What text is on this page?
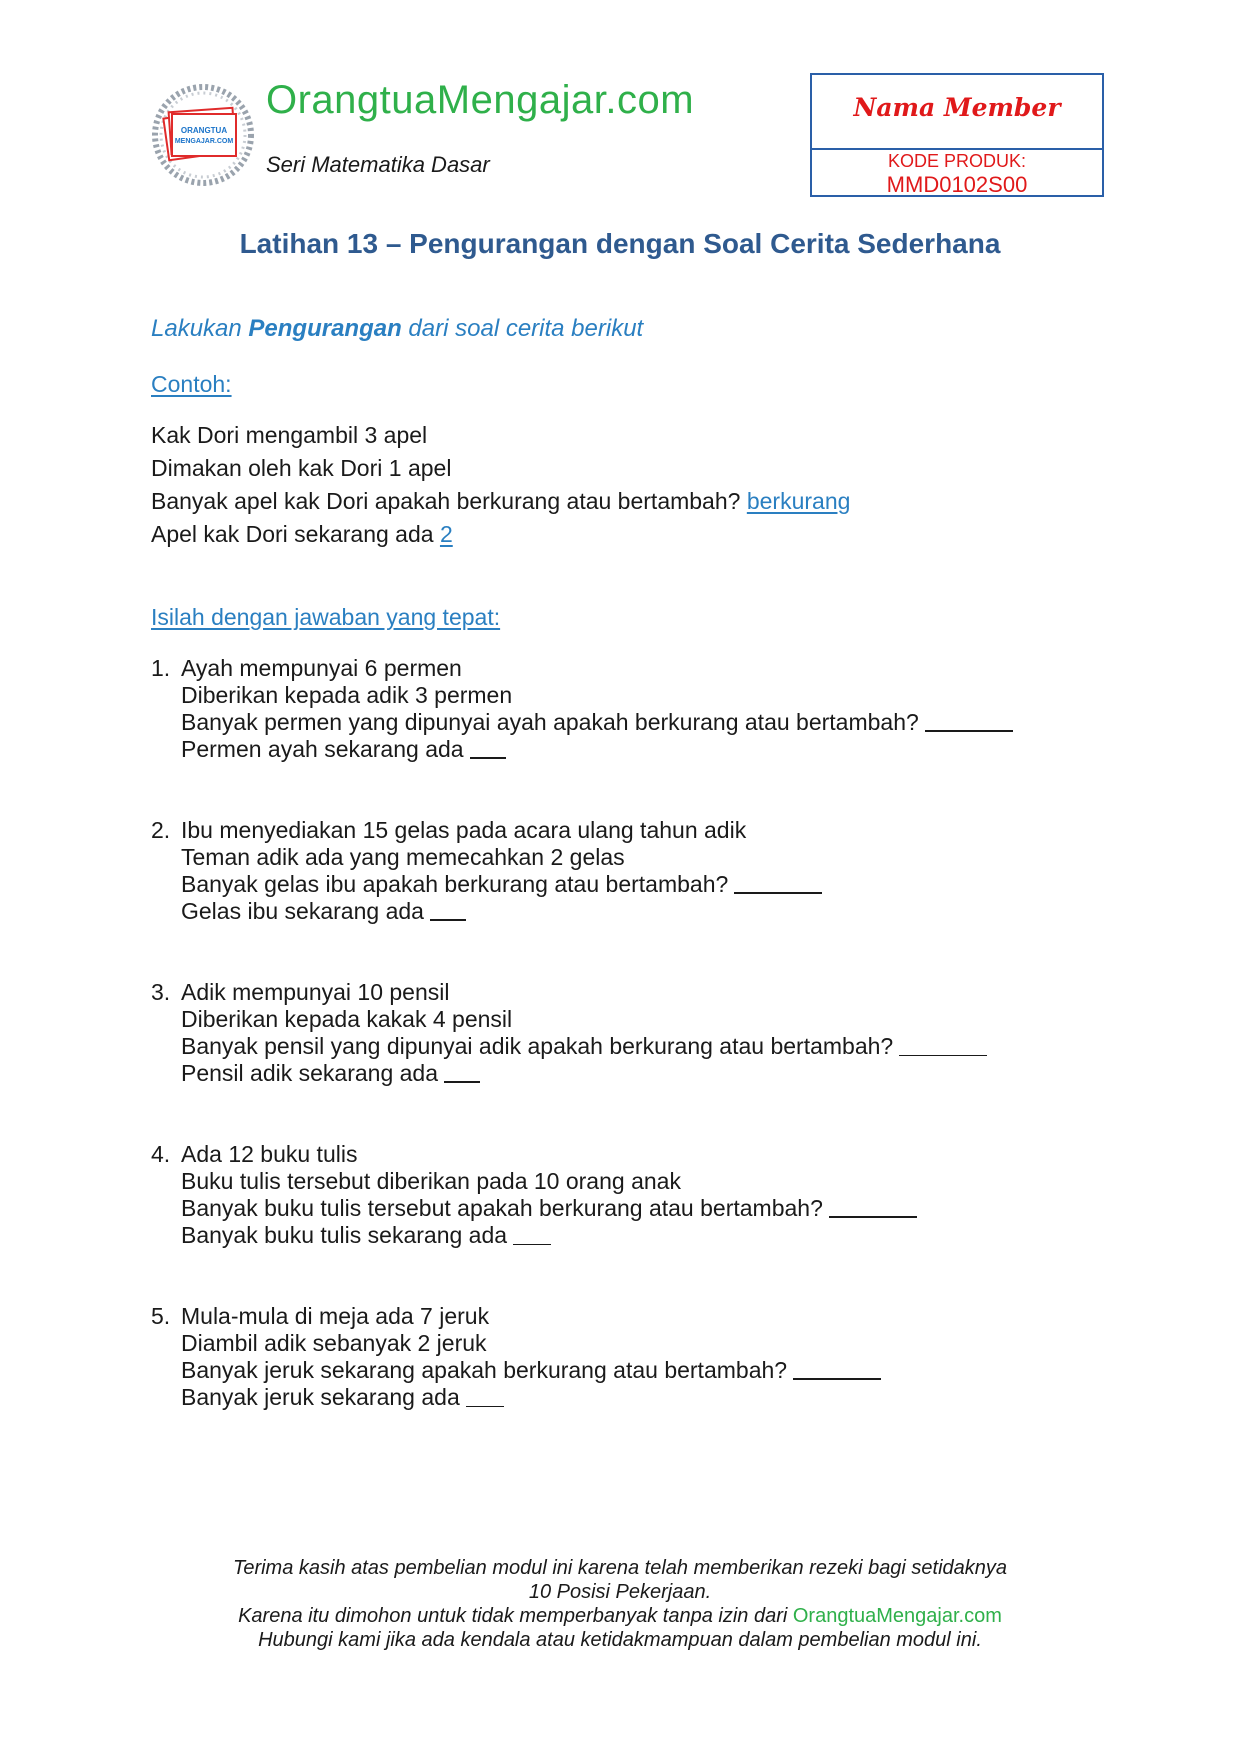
ORANGTUA
MENGAJAR.COM
OrangtuaMengajar.com
Seri Matematika Dasar
Nama Member
KODE PRODUK:
MMD0102S00
Latihan 13 – Pengurangan dengan Soal Cerita Sederhana
Lakukan Pengurangan dari soal cerita berikut
Contoh:
Kak Dori mengambil 3 apel
Dimakan oleh kak Dori 1 apel
Banyak apel kak Dori apakah berkurang atau bertambah? berkurang
Apel kak Dori sekarang ada 2
Isilah dengan jawaban yang tepat:
1. Ayah mempunyai 6 permen
Diberikan kepada adik 3 permen
Banyak permen yang dipunyai ayah apakah berkurang atau bertambah?
Permen ayah sekarang ada
2. Ibu menyediakan 15 gelas pada acara ulang tahun adik
Teman adik ada yang memecahkan 2 gelas
Banyak gelas ibu apakah berkurang atau bertambah?
Gelas ibu sekarang ada
3. Adik mempunyai 10 pensil
Diberikan kepada kakak 4 pensil
Banyak pensil yang dipunyai adik apakah berkurang atau bertambah?
Pensil adik sekarang ada
4. Ada 12 buku tulis
Buku tulis tersebut diberikan pada 10 orang anak
Banyak buku tulis tersebut apakah berkurang atau bertambah?
Banyak buku tulis sekarang ada
5. Mula-mula di meja ada 7 jeruk
Diambil adik sebanyak 2 jeruk
Banyak jeruk sekarang apakah berkurang atau bertambah?
Banyak jeruk sekarang ada
Terima kasih atas pembelian modul ini karena telah memberikan rezeki bagi setidaknya
10 Posisi Pekerjaan.
Karena itu dimohon untuk tidak memperbanyak tanpa izin dari OrangtuaMengajar.com
Hubungi kami jika ada kendala atau ketidakmampuan dalam pembelian modul ini.
